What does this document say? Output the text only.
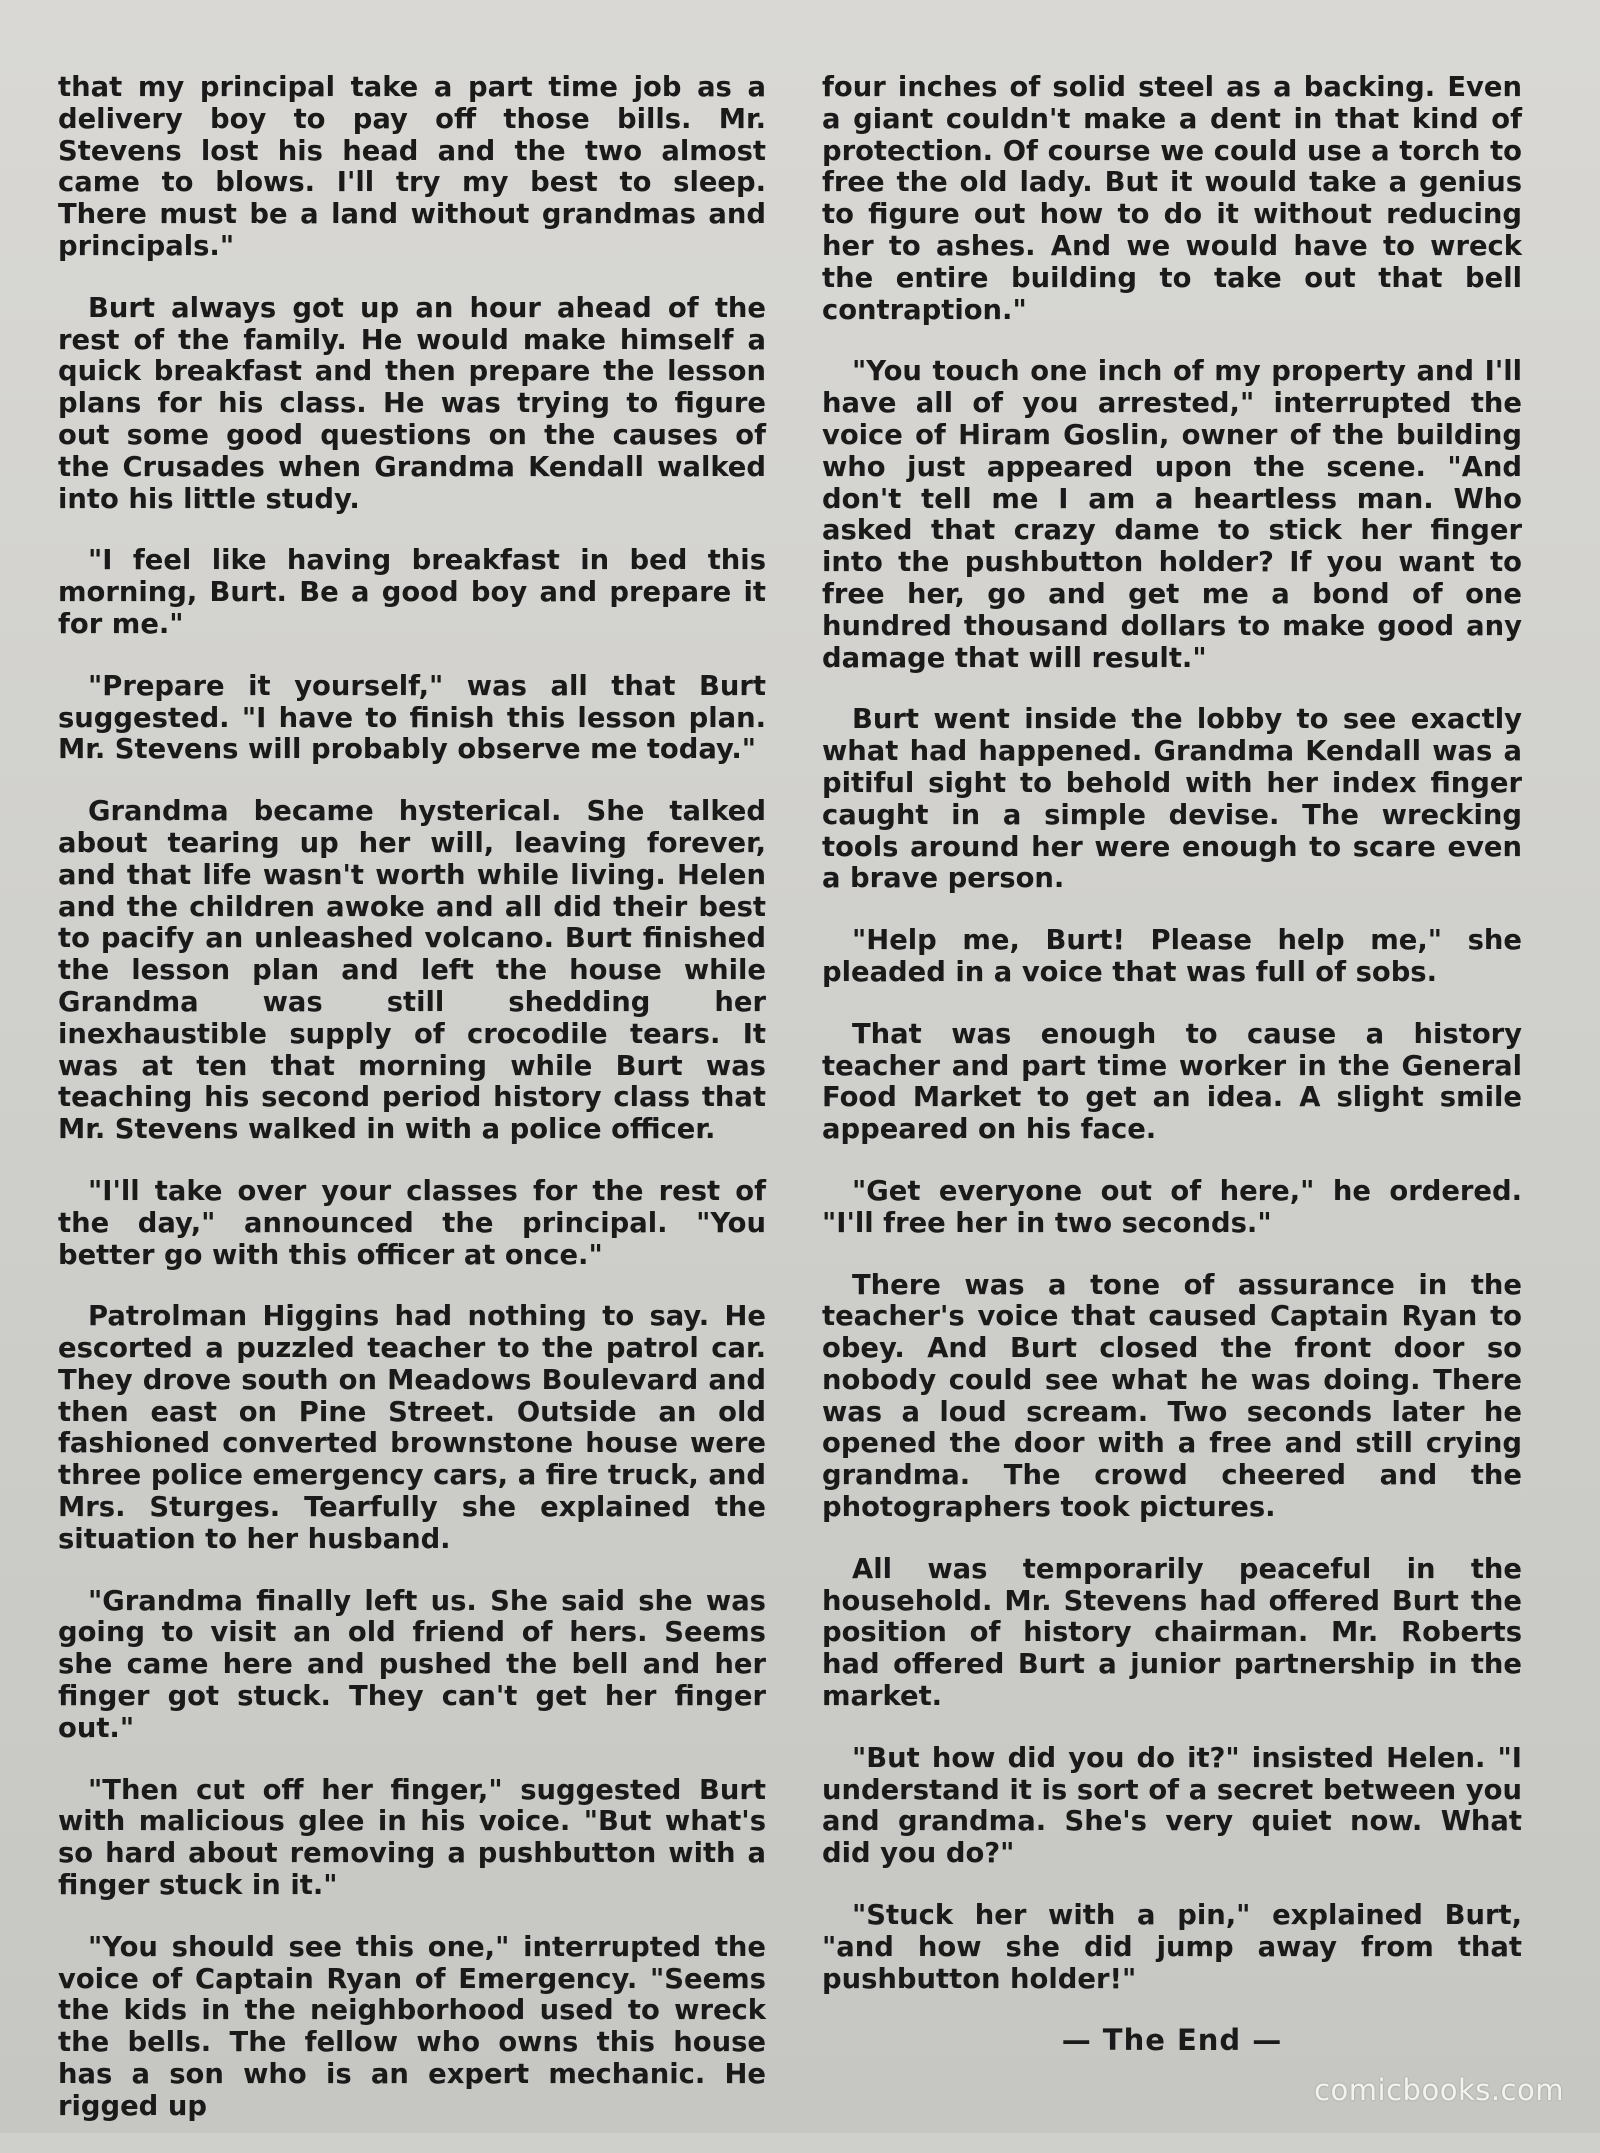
that my principal take a part time job as a delivery boy to pay off those bills. Mr. Stevens lost his head and the two almost came to blows. I'll try my best to sleep. There must be a land without grandmas and principals."

Burt always got up an hour ahead of the rest of the family. He would make himself a quick breakfast and then prepare the lesson plans for his class. He was trying to figure out some good questions on the causes of the Crusades when Grandma Kendall walked into his little study.

"I feel like having breakfast in bed this morning, Burt. Be a good boy and prepare it for me."

"Prepare it yourself," was all that Burt suggested. "I have to finish this lesson plan. Mr. Stevens will probably observe me today."

Grandma became hysterical. She talked about tearing up her will, leaving forever, and that life wasn't worth while living. Helen and the children awoke and all did their best to pacify an unleashed volcano. Burt finished the lesson plan and left the house while Grandma was still shedding her inexhaustible supply of crocodile tears. It was at ten that morning while Burt was teaching his second period history class that Mr. Stevens walked in with a police officer.

"I'll take over your classes for the rest of the day," announced the principal. "You better go with this officer at once."

Patrolman Higgins had nothing to say. He escorted a puzzled teacher to the patrol car. They drove south on Meadows Boulevard and then east on Pine Street. Outside an old fashioned converted brownstone house were three police emergency cars, a fire truck, and Mrs. Sturges. Tearfully she explained the situation to her husband.

"Grandma finally left us. She said she was going to visit an old friend of hers. Seems she came here and pushed the bell and her finger got stuck. They can't get her finger out."

"Then cut off her finger," suggested Burt with malicious glee in his voice. "But what's so hard about removing a pushbutton with a finger stuck in it."

"You should see this one," interrupted the voice of Captain Ryan of Emergency. "Seems the kids in the neighborhood used to wreck the bells. The fellow who owns this house has a son who is an expert mechanic. He rigged up

four inches of solid steel as a backing. Even a giant couldn't make a dent in that kind of protection. Of course we could use a torch to free the old lady. But it would take a genius to figure out how to do it without reducing her to ashes. And we would have to wreck the entire building to take out that bell contraption."

"You touch one inch of my property and I'll have all of you arrested," interrupted the voice of Hiram Goslin, owner of the building who just appeared upon the scene. "And don't tell me I am a heartless man. Who asked that crazy dame to stick her finger into the pushbutton holder? If you want to free her, go and get me a bond of one hundred thousand dollars to make good any damage that will result."

Burt went inside the lobby to see exactly what had happened. Grandma Kendall was a pitiful sight to behold with her index finger caught in a simple devise. The wrecking tools around her were enough to scare even a brave person.

"Help me, Burt! Please help me," she pleaded in a voice that was full of sobs.

That was enough to cause a history teacher and part time worker in the General Food Market to get an idea. A slight smile appeared on his face.

"Get everyone out of here," he ordered. "I'll free her in two seconds."

There was a tone of assurance in the teacher's voice that caused Captain Ryan to obey. And Burt closed the front door so nobody could see what he was doing. There was a loud scream. Two seconds later he opened the door with a free and still crying grandma. The crowd cheered and the photographers took pictures.

All was temporarily peaceful in the household. Mr. Stevens had offered Burt the position of history chairman. Mr. Roberts had offered Burt a junior partnership in the market.

"But how did you do it?" insisted Helen. "I understand it is sort of a secret between you and grandma. She's very quiet now. What did you do?"

"Stuck her with a pin," explained Burt, "and how she did jump away from that pushbutton holder!"

— The End —
comicbooks.com
